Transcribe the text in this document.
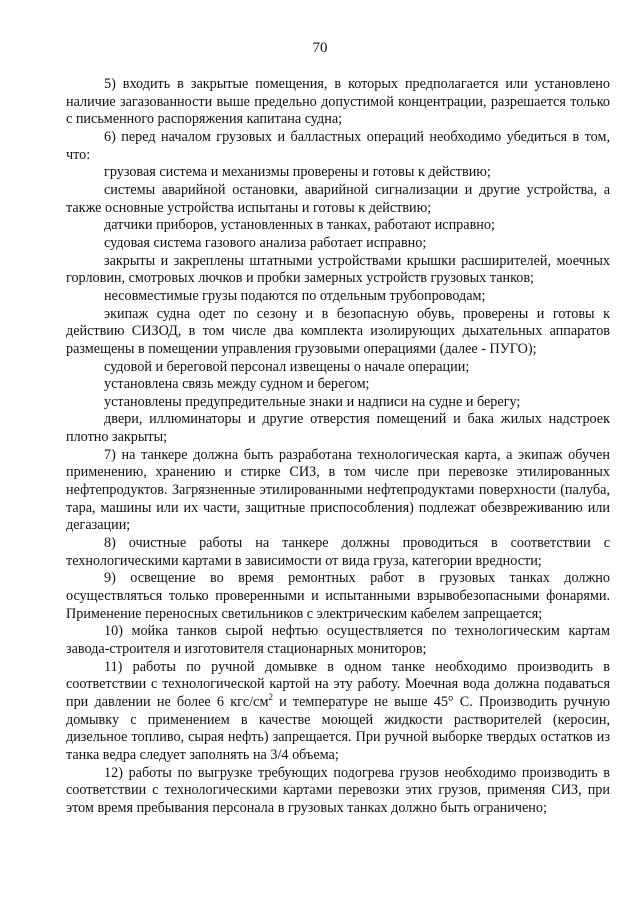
70

5) входить в закрытые помещения, в которых предполагается или установлено наличие загазованности выше предельно допустимой концентрации, разрешается только с письменного распоряжения капитана судна;

6) перед началом грузовых и балластных операций необходимо убедиться в том, что:

грузовая система и механизмы проверены и готовы к действию;

системы аварийной остановки, аварийной сигнализации и другие устройства, а также основные устройства испытаны и готовы к действию;

датчики приборов, установленных в танках, работают исправно;

судовая система газового анализа работает исправно;

закрыты и закреплены штатными устройствами крышки расширителей, моечных горловин, смотровых лючков и пробки замерных устройств грузовых танков;

несовместимые грузы подаются по отдельным трубопроводам;

экипаж судна одет по сезону и в безопасную обувь, проверены и готовы к действию СИЗОД, в том числе два комплекта изолирующих дыхательных аппаратов размещены в помещении управления грузовыми операциями (далее - ПУГО);

судовой и береговой персонал извещены о начале операции;

установлена связь между судном и берегом;

установлены предупредительные знаки и надписи на судне и берегу;

двери, иллюминаторы и другие отверстия помещений и бака жилых надстроек плотно закрыты;

7) на танкере должна быть разработана технологическая карта, а экипаж обучен применению, хранению и стирке СИЗ, в том числе при перевозке этилированных нефтепродуктов. Загрязненные этилированными нефтепродуктами поверхности (палуба, тара, машины или их части, защитные приспособления) подлежат обезвреживанию или дегазации;

8) очистные работы на танкере должны проводиться в соответствии с технологическими картами в зависимости от вида груза, категории вредности;

9) освещение во время ремонтных работ в грузовых танках должно осуществляться только проверенными и испытанными взрывобезопасными фонарями. Применение переносных светильников с электрическим кабелем запрещается;

10) мойка танков сырой нефтью осуществляется по технологическим картам завода-строителя и изготовителя стационарных мониторов;

11) работы по ручной домывке в одном танке необходимо производить в соответствии с технологической картой на эту работу. Моечная вода должна подаваться при давлении не более 6 кгс/$см^2$ и температуре не выше 45° С. Производить ручную домывку с применением в качестве моющей жидкости растворителей (керосин, дизельное топливо, сырая нефть) запрещается. При ручной выборке твердых остатков из танка ведра следует заполнять на 3/4 объема;

12) работы по выгрузке требующих подогрева грузов необходимо производить в соответствии с технологическими картами перевозки этих грузов, применяя СИЗ, при этом время пребывания персонала в грузовых танках должно быть ограничено;
